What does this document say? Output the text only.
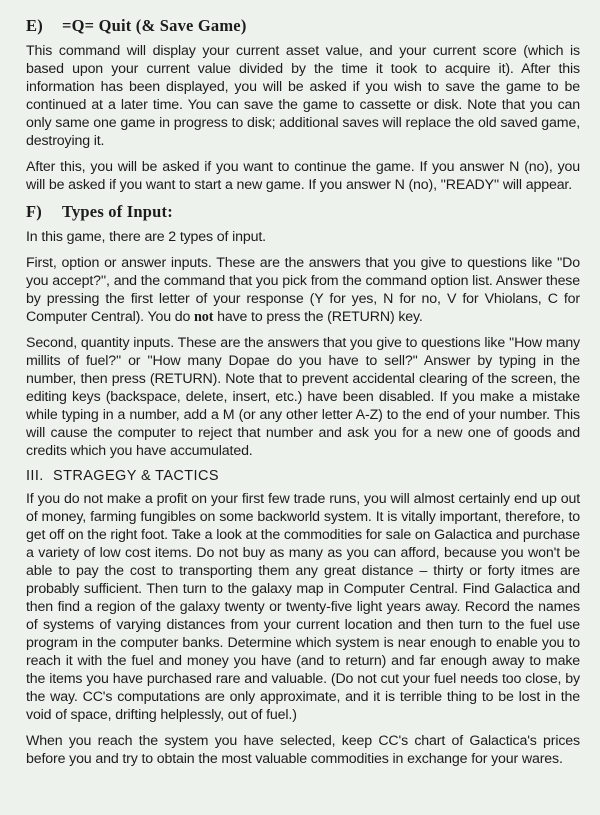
E) =Q= Quit (& Save Game)

This command will display your current asset value, and your current score (which is based upon your current value divided by the time it took to acquire it). After this information has been displayed, you will be asked if you wish to save the game to be continued at a later time. You can save the game to cassette or disk. Note that you can only same one game in progress to disk; additional saves will replace the old saved game, destroying it.

After this, you will be asked if you want to continue the game. If you answer N (no), you will be asked if you want to start a new game. If you answer N (no), ''READY'' will appear.

F) Types of Input:

In this game, there are 2 types of input.

First, option or answer inputs. These are the answers that you give to questions like ''Do you accept?'', and the command that you pick from the command option list. Answer these by pressing the first letter of your response (Y for yes, N for no, V for Vhiolans, C for Computer Central). You do not have to press the (RETURN) key.

Second, quantity inputs. These are the answers that you give to questions like ''How many millits of fuel?'' or ''How many Dopae do you have to sell?'' Answer by typing in the number, then press (RETURN). Note that to prevent accidental clearing of the screen, the editing keys (backspace, delete, insert, etc.) have been disabled. If you make a mistake while typing in a number, add a M (or any other letter A-Z) to the end of your number. This will cause the computer to reject that number and ask you for a new one of goods and credits which you have accumulated.

III. STRAGEGY & TACTICS

If you do not make a profit on your first few trade runs, you will almost certainly end up out of money, farming fungibles on some backworld system. It is vitally important, therefore, to get off on the right foot. Take a look at the commodities for sale on Galactica and purchase a variety of low cost items. Do not buy as many as you can afford, because you won't be able to pay the cost to transporting them any great distance – thirty or forty itmes are probably sufficient. Then turn to the galaxy map in Computer Central. Find Galactica and then find a region of the galaxy twenty or twenty-five light years away. Record the names of systems of varying distances from your current location and then turn to the fuel use program in the computer banks. Determine which system is near enough to enable you to reach it with the fuel and money you have (and to return) and far enough away to make the items you have purchased rare and valuable. (Do not cut your fuel needs too close, by the way. CC's computations are only approximate, and it is terrible thing to be lost in the void of space, drifting helplessly, out of fuel.)

When you reach the system you have selected, keep CC's chart of Galactica's prices before you and try to obtain the most valuable commodities in exchange for your wares.
